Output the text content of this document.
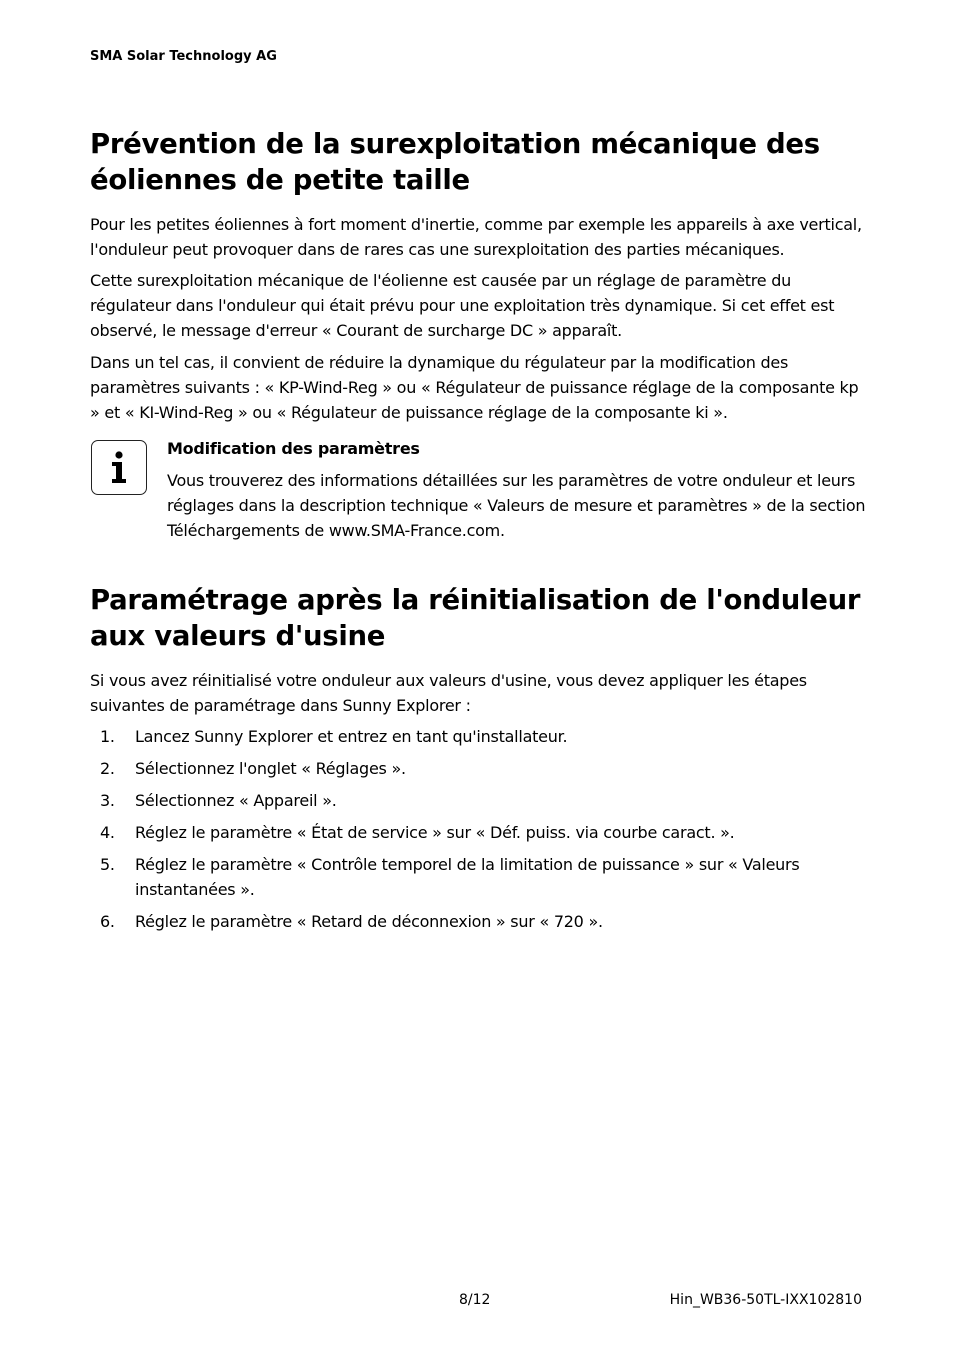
SMA Solar Technology AG
Prévention de la surexploitation mécanique des éoliennes de petite taille

Pour les petites éoliennes à fort moment d'inertie, comme par exemple les appareils à axe vertical, l'onduleur peut provoquer dans de rares cas une surexploitation des parties mécaniques.

Cette surexploitation mécanique de l'éolienne est causée par un réglage de paramètre du régulateur dans l'onduleur qui était prévu pour une exploitation très dynamique. Si cet effet est observé, le message d'erreur « Courant de surcharge DC » apparaît.

Dans un tel cas, il convient de réduire la dynamique du régulateur par la modification des paramètres suivants : « KP-Wind-Reg » ou « Régulateur de puissance réglage de la composante kp » et « KI-Wind-Reg » ou « Régulateur de puissance réglage de la composante ki ».

Modification des paramètres

Vous trouverez des informations détaillées sur les paramètres de votre onduleur et leurs réglages dans la description technique « Valeurs de mesure et paramètres » de la section Téléchargements de www.SMA-France.com.

Paramétrage après la réinitialisation de l'onduleur aux valeurs d'usine

Si vous avez réinitialisé votre onduleur aux valeurs d'usine, vous devez appliquer les étapes suivantes de paramétrage dans Sunny Explorer :

1. Lancez Sunny Explorer et entrez en tant qu'installateur.
2. Sélectionnez l'onglet « Réglages ».
3. Sélectionnez « Appareil ».
4. Réglez le paramètre « État de service » sur « Déf. puiss. via courbe caract. ».
5. Réglez le paramètre « Contrôle temporel de la limitation de puissance » sur « Valeurs instantanées ».
6. Réglez le paramètre « Retard de déconnexion » sur « 720 ».
8/12	Hin_WB36-50TL-IXX102810
